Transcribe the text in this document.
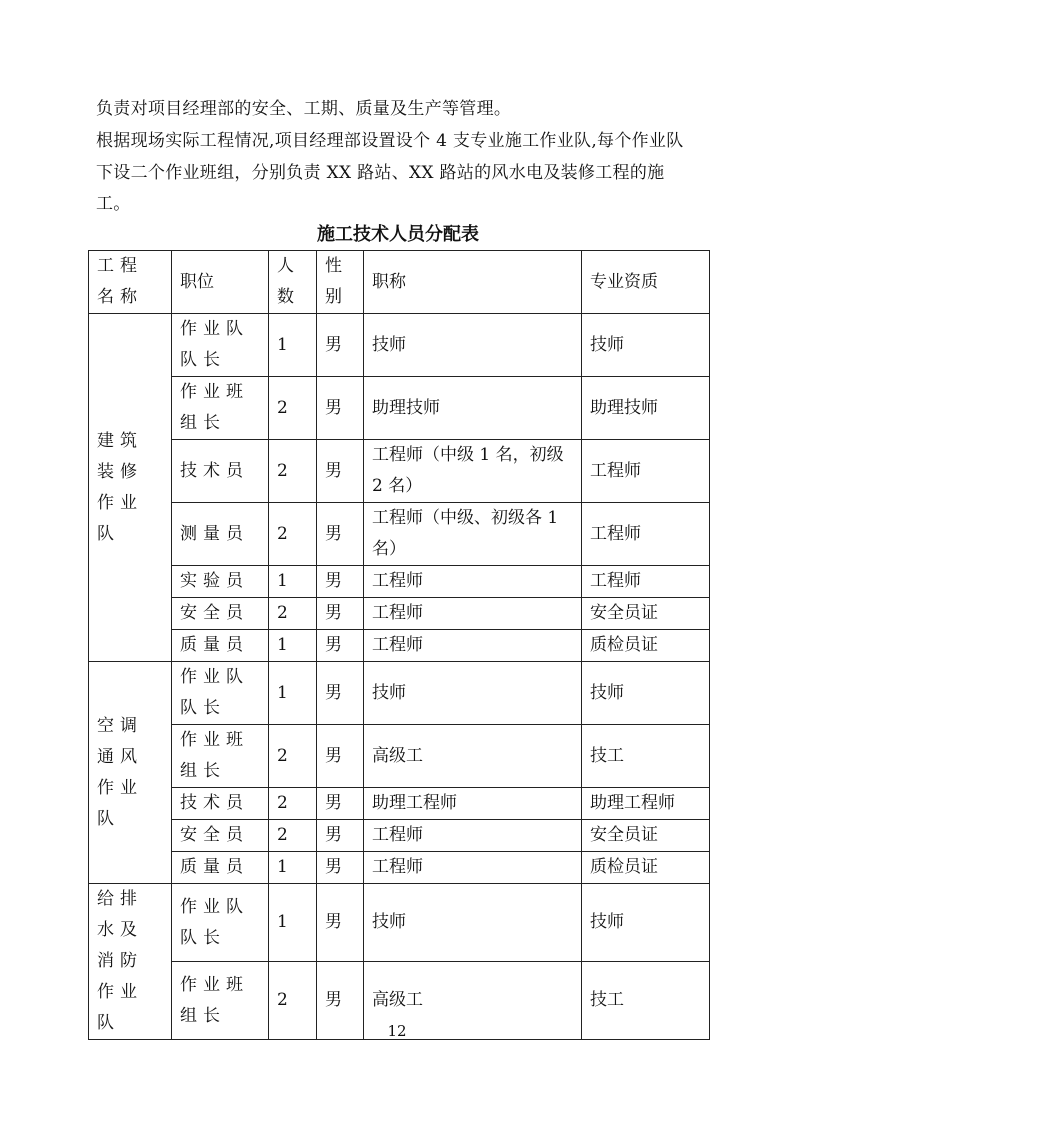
负责对项目经理部的安全、工期、质量及生产等管理。
根据现场实际工程情况,项目经理部设置设个 4 支专业施工作业队,每个作业队下设二个作业班组，分别负责 XX 路站、XX 路站的风水电及装修工程的施工。
施工技术人员分配表
工程名称	职位	人数	性别	职称	专业资质
建筑装修作业队	作业队队长	1	男	技师	技师
	作业班组长	2	男	助理技师	助理技师
	技术员	2	男	工程师（中级 1 名，初级 2 名）	工程师
	测量员	2	男	工程师（中级、初级各 1 名）	工程师
	实验员	1	男	工程师	工程师
	安全员	2	男	工程师	安全员证
	质量员	1	男	工程师	质检员证
空调通风作业队	作业队队长	1	男	技师	技师
	作业班组长	2	男	高级工	技工
	技术员	2	男	助理工程师	助理工程师
	安全员	2	男	工程师	安全员证
	质量员	1	男	工程师	质检员证
给排水及消防作业队	作业队队长	1	男	技师	技师
	作业班组长	2	男	高级工	技工
12
